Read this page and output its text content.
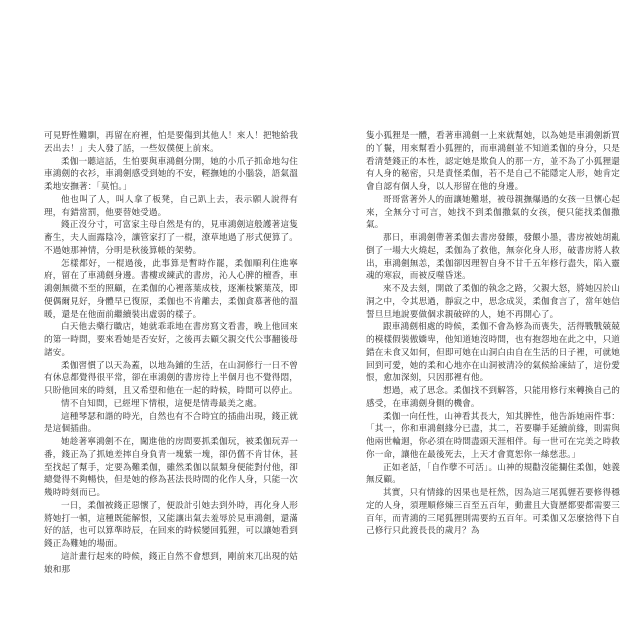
可見野性難馴，再留在府裡，怕是要傷到其他人！來人！把牠給我丟出去！」夫人發了話，一些奴僕便上前來。

柔伽一聽這話，生怕要與車鴻劍分開，她的小爪子抓命地勾住車鴻劍的衣衫，車鴻劍感受到她的不安，輕撫她的小腦袋，語氣溫柔地安撫著：「莫怕。」

他也叫了人，叫人拿了板凳，自己趴上去，表示願人說得有理，有錯當罰，他要替她受過。

錢正沒分寸，可富家主母自然是有的，見車鴻劍這般護著這隻畜生，夫人面露陰冷，讓管家打了一棍，潦草地過了形式便算了。不過她那神情，分明是秋後算帳的架勢。

怎樣都好，一棍過後，此事算是暫時作罷，柔伽順利住進寧府，留在了車鴻劍身邊。書樓或練武的書房，沁人心脾的檀香，車鴻劍無微不至的照顧，在柔伽的心裡落葉成枝，逐漸枝繁葉茂，即便偶爾見好，身體早已復原，柔伽也不肯離去，柔伽貪慕著他的溫暖，還是在他面前繼續裝出虛弱的樣子。

白天他去藥行職店，她就乖乖地在書房寫文看書，晚上他回來的第一時間，要來看她是否安好，之後再去顧父親交代公事翻後母諸安。

柔伽習慣了以天為蓋，以地為鋪的生活，在山洞修行一日不曾有休息都覺得很平常，卻在車鴻劍的書房待上半個月也不覺得悶，只盼他回來的時刻，且又希望和他在一起的時候，時間可以停止。

情不自知間，已經埋下情根，這便是情毒最美之處。

這種琴瑟和諧的時光，自然也有不合時宜的插曲出現，錢正就是這個插曲。

她趁著寧鴻劍不在，闖進他的房間要抓柔伽玩，被柔伽玩弄一番，錢正為了抓她差摔自身負青一塊紫一塊，卻仍舊不肯甘休，甚至找起了幫手，定要為難柔伽，雖然柔伽以鼠類身便能對付他，卻總覺得不夠暢快，但是她的修為甚法長時間的化作人身，只能一次幾時時刻而已。

一日，柔伽被錢正惡懷了，便設計引她去到外時，再化身人形將她打一頓，這種既能解恨，又能讓出氣去羞辱於見車鴻劍，還滿好的話，也可以算準時辰，在回來的時候變回狐狸，可以讓她看到錢正為難她的場面。

這計畫行起來的時候，錢正自然不會想到，剛前來兀出現的姑娘和那

隻小狐狸是一體，看著車鴻劍一上來就幫她，以為她是車鴻劍新買的丫鬟，用來幫看小狐狸的，而車鴻劍並不知道柔伽的身分，只是看清楚錢正的本性，認定她是欺負人的那一方，並不為了小狐狸還有人身的秘密，只是責怪柔伽，若不是自己不能隱定人形，她肯定會自認有個人身，以人形留在他的身邊。

哥哥當著外人的面讓她難堪，被母親撫爆過的女孩一旦懷心起來，全無分寸可言，她找不到柔伽撒氣的女孩，便只能找柔伽撒氣。

那日，車鴻劍帶著柔伽去書房發餵，發餵小墨，書房被她胡亂倒了一場大火燒起，柔伽為了救他，無奈化身人形，破書房將人救出，車鴻劍無恙，柔伽卻因理智自身不甘千五年修行盡失，陷入靈魂的寒寂，而被反噬昏迷。

來不及去刻，開啟了柔伽的執念之路，父親大怒，將她囚於山洞之中，令其思過，靜寂之中，思念成災，柔伽食言了，當年她信誓旦旦地說要做個求親破碎的人，她不再開心了。

跟車鴻劍相處的時候，柔伽不會為修為而喪失，活得戰戰兢兢的模樣假裝傲嬌卑，他知道她沒時間，也有抱怨地在此之中，只道錯在未食又如何，但即可她在山洞白由自在生活的日子裡，可就她回到可愛，她的柔和心地亦在山洞被清冷的氣候給凍結了，這份愛恨，愈加深刻，只因那裡有他。

想過，戒了思念。柔伽找不到解答，只能用修行來轉換自己的感受，在車鴻劍身側的機會。

柔伽一向任性，山神看其長大，知其脾性，他告訴她兩件事：「其一，你和車鴻劍緣分已盡，其二，若要聯手延續前緣，則需與他兩世輪迴，你必須在時間盡頭天涯相伴。每一世可在完美之時救你一命，讓他在最後死去，上天才會寬恕你一絲慈悲。」

正如老話，「自作孽不可活」。山神的規勸沒能攔住柔伽，她義無反顧。

其實，只有情緣的因果也是枉然，因為這三尾狐貍若要修得穩定的人身，須理順修煉三百至五百年，動畫且大資歷都要都需要三百年，而青鴻的三尾狐狸則需要約五百年。可柔伽又怎麼捨得下自己修行只此渡長長的歲月？為
